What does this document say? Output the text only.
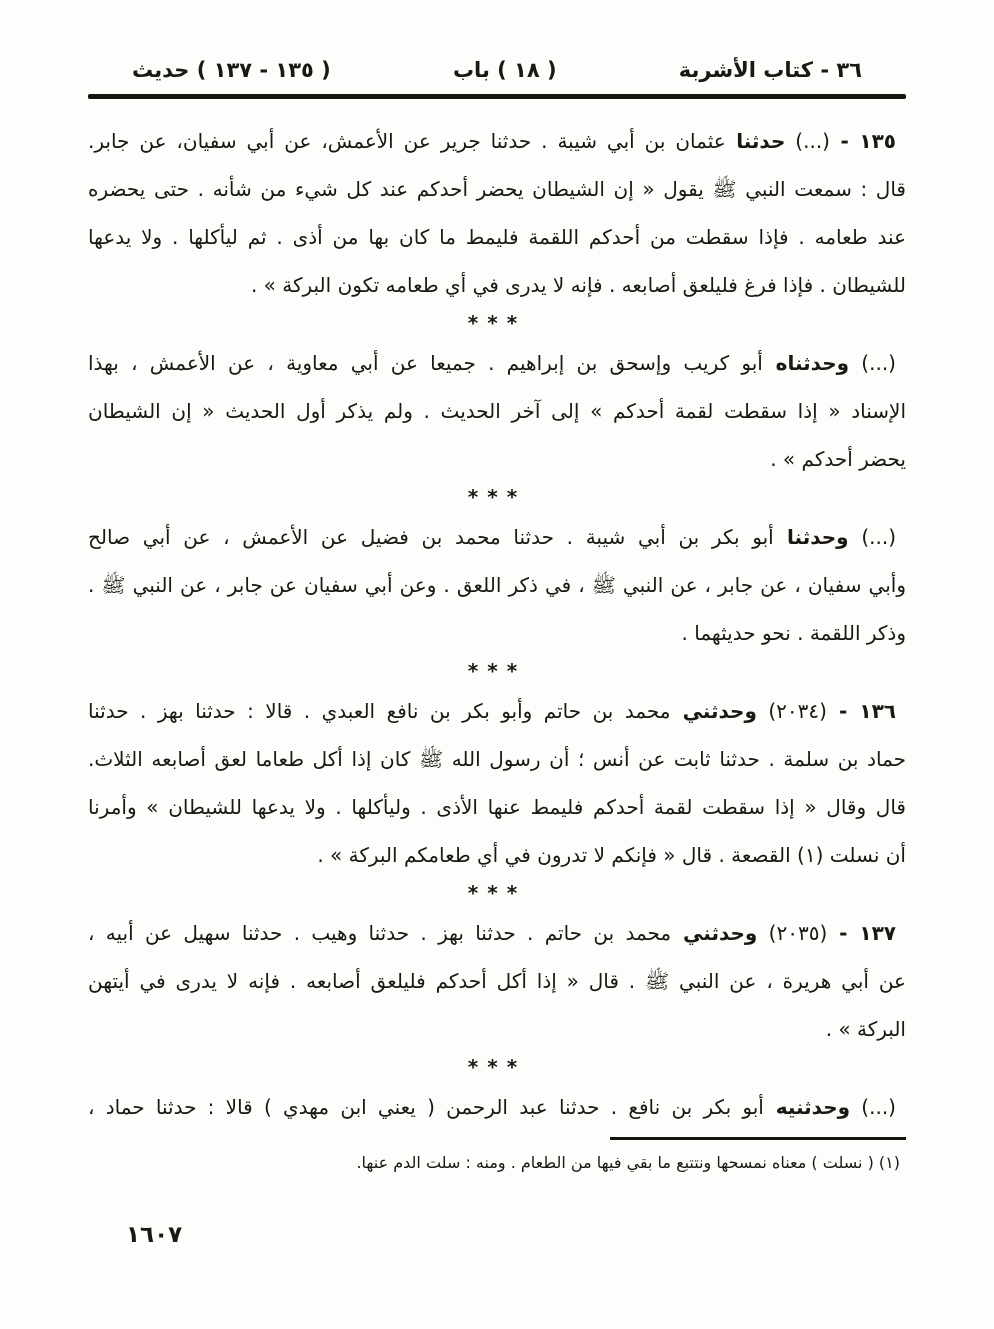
٣٦ - كتاب الأشربة
( ١٨ ) باب
( ١٣٥ - ١٣٧ ) حديث
١٣٥ - (...) حدثنا عثمان بن أبي شيبة . حدثنا جرير عن الأعمش، عن أبي سفيان، عن جابر.
قال : سمعت النبي ﷺ يقول « إن الشيطان يحضر أحدكم عند كل شيء من شأنه . حتى يحضره
عند طعامه . فإذا سقطت من أحدكم اللقمة فليمط ما كان بها من أذى . ثم ليأكلها . ولا يدعها
للشيطان . فإذا فرغ فليلعق أصابعه . فإنه لا يدرى في أي طعامه تكون البركة » .
***
(...) وحدثناه أبو كريب وإسحق بن إبراهيم . جميعا عن أبي معاوية ، عن الأعمش ، بهذا
الإسناد « إذا سقطت لقمة أحدكم » إلى آخر الحديث . ولم يذكر أول الحديث « إن الشيطان
يحضر أحدكم » .
***
(...) وحدثنا أبو بكر بن أبي شيبة . حدثنا محمد بن فضيل عن الأعمش ، عن أبي صالح
وأبي سفيان ، عن جابر ، عن النبي ﷺ ، في ذكر اللعق . وعن أبي سفيان عن جابر ، عن النبي ﷺ .
وذكر اللقمة . نحو حديثهما .
***
١٣٦ - (٢٠٣٤) وحدثني محمد بن حاتم وأبو بكر بن نافع العبدي . قالا : حدثنا بهز . حدثنا
حماد بن سلمة . حدثنا ثابت عن أنس ؛ أن رسول الله ﷺ كان إذا أكل طعاما لعق أصابعه الثلاث.
قال وقال « إذا سقطت لقمة أحدكم فليمط عنها الأذى . وليأكلها . ولا يدعها للشيطان » وأمرنا
أن نسلت (١) القصعة . قال « فإنكم لا تدرون في أي طعامكم البركة » .
***
١٣٧ - (٢٠٣٥) وحدثني محمد بن حاتم . حدثنا بهز . حدثنا وهيب . حدثنا سهيل عن أبيه ،
عن أبي هريرة ، عن النبي ﷺ . قال « إذا أكل أحدكم فليلعق أصابعه . فإنه لا يدرى في أيتهن
البركة » .
***
(...) وحدثنيه أبو بكر بن نافع . حدثنا عبد الرحمن ( يعني ابن مهدي ) قالا : حدثنا حماد ،
(١) ( نسلت ) معناه نمسحها ونتتبع ما بقي فيها من الطعام . ومنه : سلت الدم عنها.
١٦٠٧
